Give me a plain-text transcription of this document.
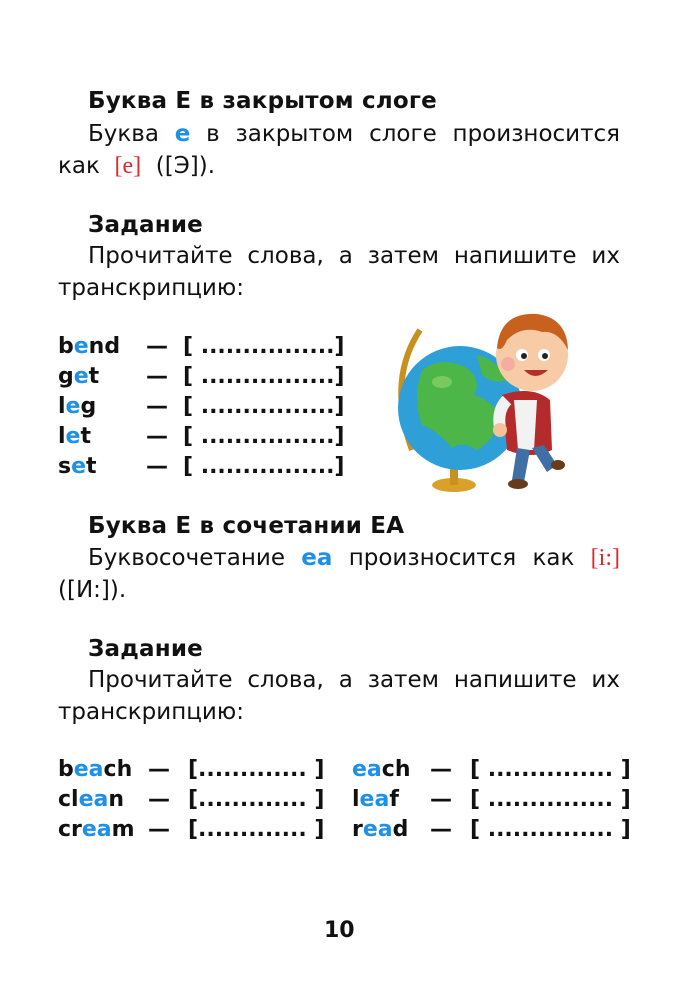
Буква Е в закрытом слоге
Буква e в закрытом слоге произносится
как [e] ([Э]).
Задание
Прочитайте слова, а затем напишите их
транскрипцию:
bend — [ ................]
get — [ ................]
leg — [ ................]
let	— [ ................]
set — [ ................]
Буква Е в сочетании ЕА
Буквосочетание ea произносится как [i:]
([И:]).
Задание
Прочитайте слова, а затем напишите их
транскрипцию:
beach — [............. ]
clean — [............. ]
cream — [............. ]
each — [ ............... ]
leaf — [ ............... ]
read — [ ............... ]
10
